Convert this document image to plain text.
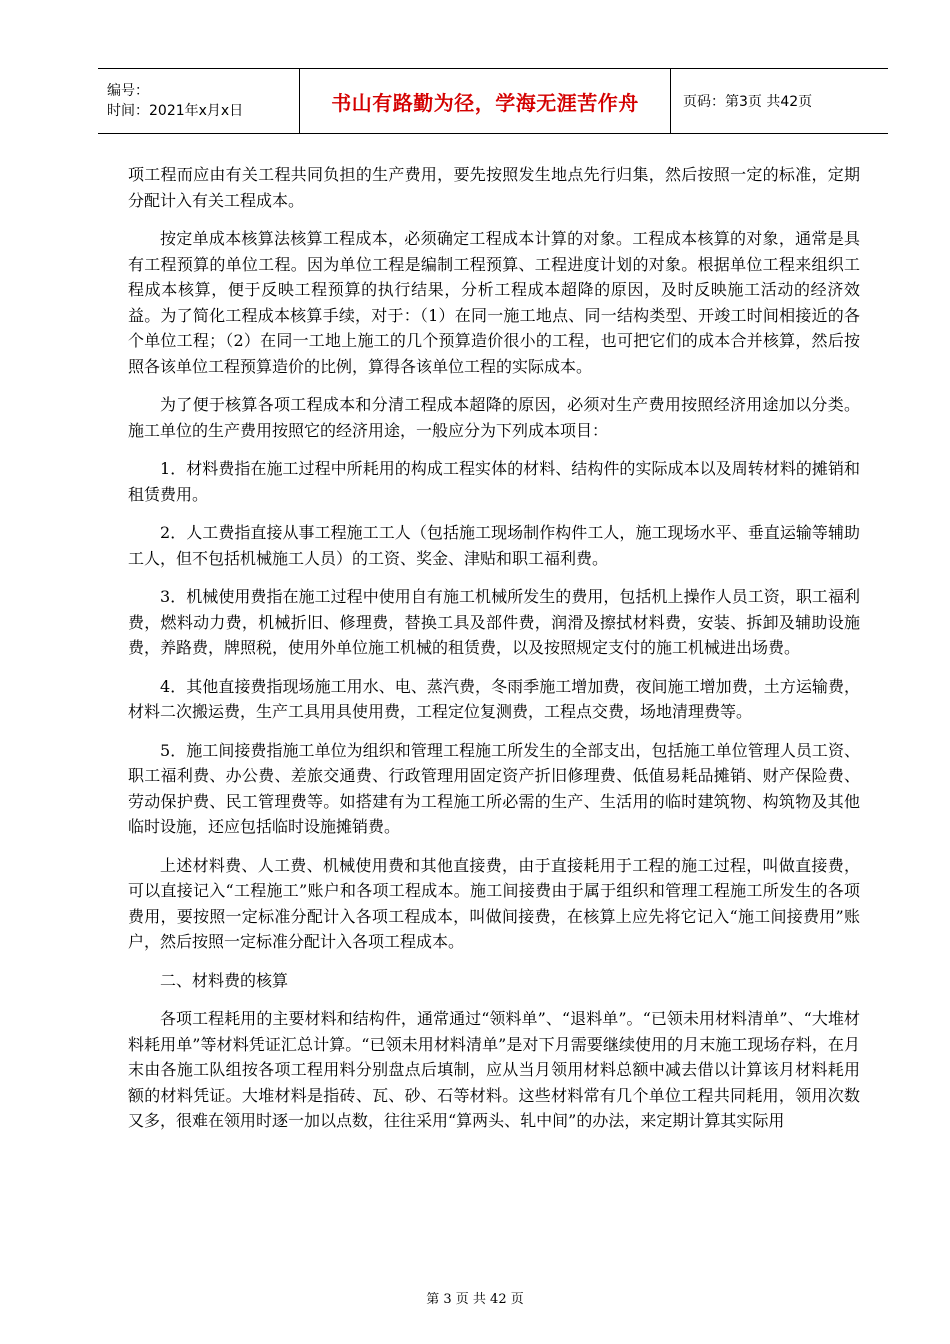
编号：
时间：2021年x月x日	书山有路勤为径，学海无涯苦作舟	页码：第3页 共42页

项工程而应由有关工程共同负担的生产费用，要先按照发生地点先行归集，然后按照一定的标准，定期分配计入有关工程成本。

按定单成本核算法核算工程成本，必须确定工程成本计算的对象。工程成本核算的对象，通常是具有工程预算的单位工程。因为单位工程是编制工程预算、工程进度计划的对象。根据单位工程来组织工程成本核算，便于反映工程预算的执行结果，分析工程成本超降的原因，及时反映施工活动的经济效益。为了简化工程成本核算手续，对于：（1）在同一施工地点、同一结构类型、开竣工时间相接近的各个单位工程；（2）在同一工地上施工的几个预算造价很小的工程，也可把它们的成本合并核算，然后按照各该单位工程预算造价的比例，算得各该单位工程的实际成本。

为了便于核算各项工程成本和分清工程成本超降的原因，必须对生产费用按照经济用途加以分类。施工单位的生产费用按照它的经济用途，一般应分为下列成本项目：

1．材料费指在施工过程中所耗用的构成工程实体的材料、结构件的实际成本以及周转材料的摊销和租赁费用。

2．人工费指直接从事工程施工工人（包括施工现场制作构件工人，施工现场水平、垂直运输等辅助工人，但不包括机械施工人员）的工资、奖金、津贴和职工福利费。

3．机械使用费指在施工过程中使用自有施工机械所发生的费用，包括机上操作人员工资，职工福利费，燃料动力费，机械折旧、修理费，替换工具及部件费，润滑及擦拭材料费，安装、拆卸及辅助设施费，养路费，牌照税，使用外单位施工机械的租赁费，以及按照规定支付的施工机械进出场费。

4．其他直接费指现场施工用水、电、蒸汽费，冬雨季施工增加费，夜间施工增加费，土方运输费，材料二次搬运费，生产工具用具使用费，工程定位复测费，工程点交费，场地清理费等。

5．施工间接费指施工单位为组织和管理工程施工所发生的全部支出，包括施工单位管理人员工资、职工福利费、办公费、差旅交通费、行政管理用固定资产折旧修理费、低值易耗品摊销、财产保险费、劳动保护费、民工管理费等。如搭建有为工程施工所必需的生产、生活用的临时建筑物、构筑物及其他临时设施，还应包括临时设施摊销费。

上述材料费、人工费、机械使用费和其他直接费，由于直接耗用于工程的施工过程，叫做直接费，可以直接记入“工程施工”账户和各项工程成本。施工间接费由于属于组织和管理工程施工所发生的各项费用，要按照一定标准分配计入各项工程成本，叫做间接费，在核算上应先将它记入“施工间接费用”账户，然后按照一定标准分配计入各项工程成本。

二、材料费的核算

各项工程耗用的主要材料和结构件，通常通过“领料单”、“退料单”。“已领未用材料清单”、“大堆材料耗用单”等材料凭证汇总计算。“已领未用材料清单”是对下月需要继续使用的月末施工现场存料，在月末由各施工队组按各项工程用料分别盘点后填制，应从当月领用材料总额中减去借以计算该月材料耗用额的材料凭证。大堆材料是指砖、瓦、砂、石等材料。这些材料常有几个单位工程共同耗用，领用次数又多，很难在领用时逐一加以点数，往往采用“算两头、轧中间”的办法，来定期计算其实际用

第 3 页 共 42 页
